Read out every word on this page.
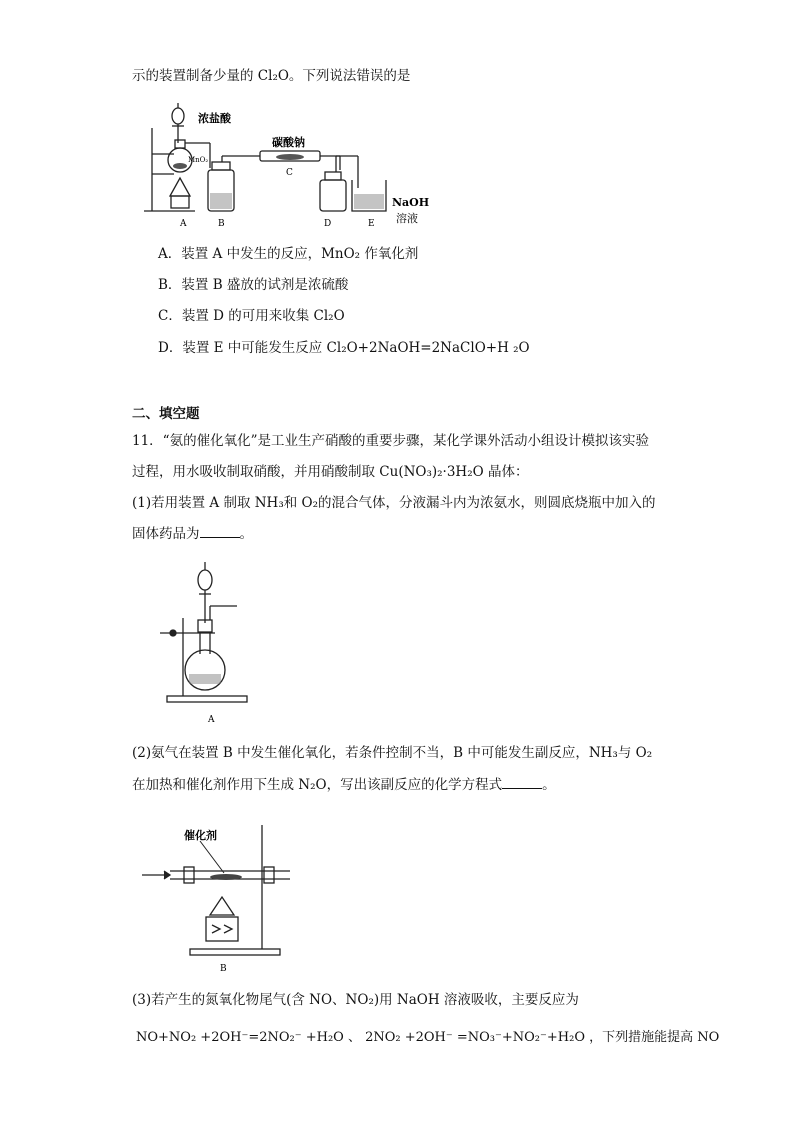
示的装置制备少量的 Cl₂O。下列说法错误的是
浓盐酸
MnO₂
碳酸钠
C
A	B	D	E
NaOH
溶液
A．装置 A 中发生的反应，MnO₂ 作氧化剂
B．装置 B 盛放的试剂是浓硫酸
C．装置 D 的可用来收集 Cl₂O
D．装置 E 中可能发生反应 Cl₂O+2NaOH=2NaClO+H ₂O
二、填空题
11．“氨的催化氧化”是工业生产硝酸的重要步骤，某化学课外活动小组设计模拟该实验
过程，用水吸收制取硝酸，并用硝酸制取 Cu(NO₃)₂·3H₂O 晶体：
(1)若用装置 A 制取 NH₃和 O₂的混合气体，分液漏斗内为浓氨水，则圆底烧瓶中加入的
固体药品为	。
A
(2)氨气在装置 B 中发生催化氧化，若条件控制不当，B 中可能发生副反应，NH₃与 O₂
在加热和催化剂作用下生成 N₂O，写出该副反应的化学方程式	。
催化剂
B
(3)若产生的氮氧化物尾气(含 NO、NO₂)用 NaOH 溶液吸收，主要反应为
NO+NO₂ +2OH⁻=2NO₂⁻ +H₂O 、 2NO₂ +2OH⁻ =NO₃⁻+NO₂⁻+H₂O ，下列措施能提高 NO
